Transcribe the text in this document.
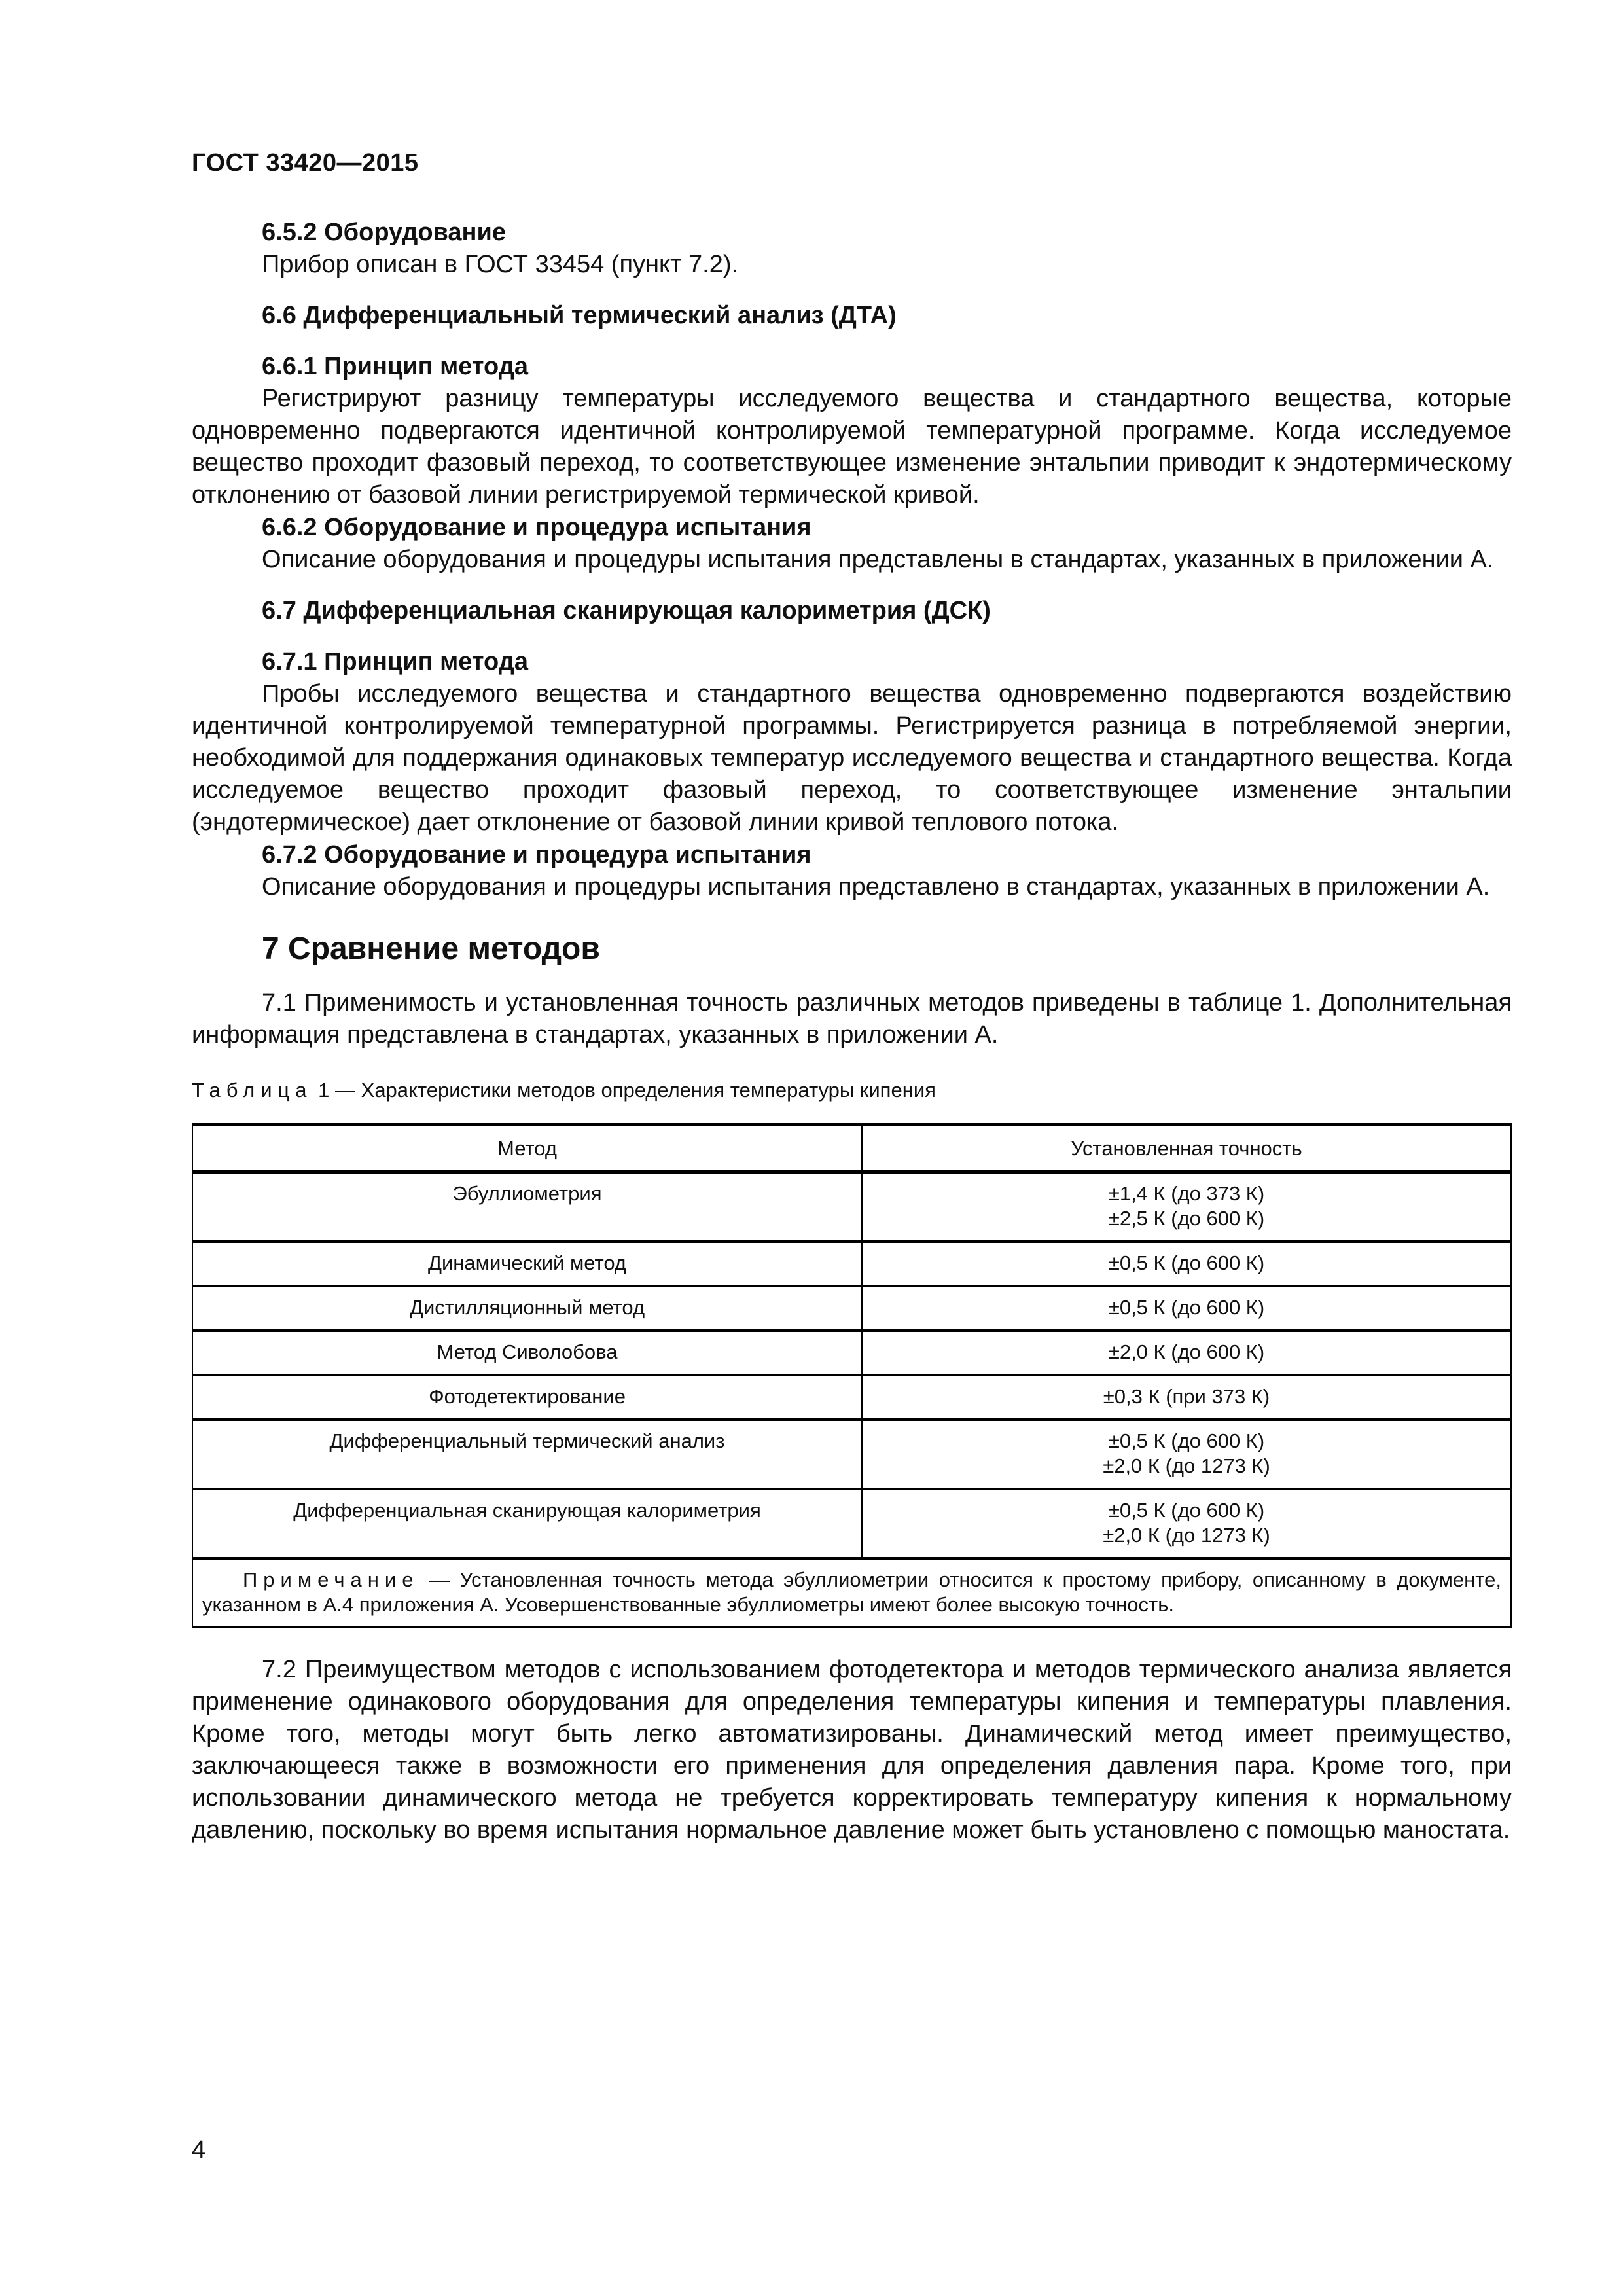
ГОСТ 33420—2015

6.5.2 Оборудование

Прибор описан в ГОСТ 33454 (пункт 7.2).

6.6 Дифференциальный термический анализ (ДТА)

6.6.1 Принцип метода

Регистрируют разницу температуры исследуемого вещества и стандартного вещества, которые одновременно подвергаются идентичной контролируемой температурной программе. Когда исследуемое вещество проходит фазовый переход, то соответствующее изменение энтальпии приводит к эндотермическому отклонению от базовой линии регистрируемой термической кривой.

6.6.2 Оборудование и процедура испытания

Описание оборудования и процедуры испытания представлены в стандартах, указанных в приложении А.

6.7 Дифференциальная сканирующая калориметрия (ДСК)

6.7.1 Принцип метода

Пробы исследуемого вещества и стандартного вещества одновременно подвергаются воздействию идентичной контролируемой температурной программы. Регистрируется разница в потребляемой энергии, необходимой для поддержания одинаковых температур исследуемого вещества и стандартного вещества. Когда исследуемое вещество проходит фазовый переход, то соответствующее изменение энтальпии (эндотермическое) дает отклонение от базовой линии кривой теплового потока.

6.7.2 Оборудование и процедура испытания

Описание оборудования и процедуры испытания представлено в стандартах, указанных в приложении А.

7 Сравнение методов

7.1 Применимость и установленная точность различных методов приведены в таблице 1. Дополнительная информация представлена в стандартах, указанных в приложении А.

Таблица 1 — Характеристики методов определения температуры кипения

Метод	Установленная точность
Эбуллиометрия	±1,4 К (до 373 К)
±2,5 К (до 600 К)

Динамический метод	±0,5 К (до 600 К)
Дистилляционный метод	±0,5 К (до 600 К)
Метод Сиволобова	±2,0 К (до 600 К)
Фотодетектирование	±0,3 К (при 373 К)
Дифференциальный термический анализ	±0,5 К (до 600 К)
±2,0 К (до 1273 К)

Дифференциальная сканирующая калориметрия	±0,5 К (до 600 К)
±2,0 К (до 1273 К)

Примечание — Установленная точность метода эбуллиометрии относится к простому прибору, описанному в документе, указанном в А.4 приложения А. Усовершенствованные эбуллиометры имеют более высокую точность.	

7.2 Преимуществом методов с использованием фотодетектора и методов термического анализа является применение одинакового оборудования для определения температуры кипения и температуры плавления. Кроме того, методы могут быть легко автоматизированы. Динамический метод имеет преимущество, заключающееся также в возможности его применения для определения давления пара. Кроме того, при использовании динамического метода не требуется корректировать температуру кипения к нормальному давлению, поскольку во время испытания нормальное давление может быть установлено с помощью маностата.

4
